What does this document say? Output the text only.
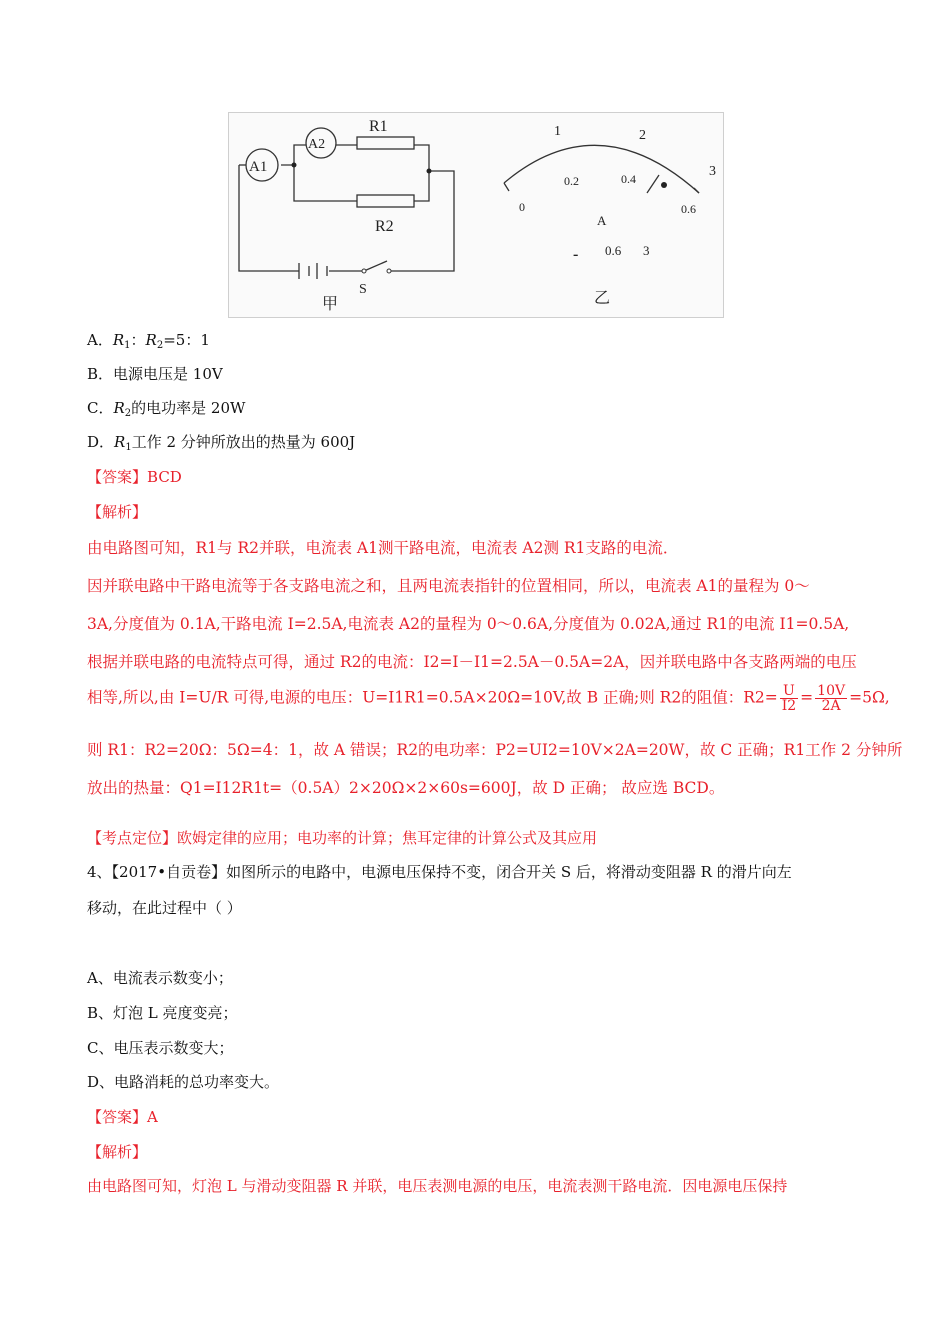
A1
A2
R1
R2
S
甲	乙
0
0.2	0.4
0.6
1	2
3
A
- 0.6 3
A．$R_1$：$R_2=5$：1
B．电源电压是 10V
C．$R_2$的电功率是 20W
D．$R_1$工作 2 分钟所放出的热量为 600J
【答案】BCD
【解析】
由电路图可知，R1与 R2并联，电流表 A1测干路电流，电流表 A2测 R1支路的电流．
因并联电路中干路电流等于各支路电流之和，且两电流表指针的位置相同，所以，电流表 A1的量程为 0～
3A,分度值为 0.1A,干路电流 I=2.5A,电流表 A2的量程为 0～0.6A,分度值为 0.02A,通过 R1的电流 I1=0.5A,
根据并联电路的电流特点可得，通过 R2的电流：I2=I－I1=2.5A－0.5A=2A，因并联电路中各支路两端的电压
相等,所以,由 I=U/R 可得,电源的电压：U=I1R1=0.5A×20Ω=10V,故 B 正确;则 R2的阻值：$R2= \frac{U}{I2} = \frac{10V}{2A} =5\Omega$,
则 R1：R2=20Ω：5Ω=4：1，故 A 错误；R2的电功率：P2=UI2=10V×2A=20W，故 C 正确；R1工作 2 分钟所
放出的热量：Q1=I12R1t=（0.5A）2×20Ω×2×60s=600J，故 D 正确； 故应选 BCD。
【考点定位】欧姆定律的应用；电功率的计算；焦耳定律的计算公式及其应用
4、【2017•自贡卷】如图所示的电路中，电源电压保持不变，闭合开关 S 后，将滑动变阻器 R 的滑片向左
移动，在此过程中（ ）
A、电流表示数变小；
B、灯泡 L 亮度变亮；
C、电压表示数变大；
D、电路消耗的总功率变大。
【答案】A
【解析】
由电路图可知，灯泡 L 与滑动变阻器 R 并联，电压表测电源的电压，电流表测干路电流．因电源电压保持
